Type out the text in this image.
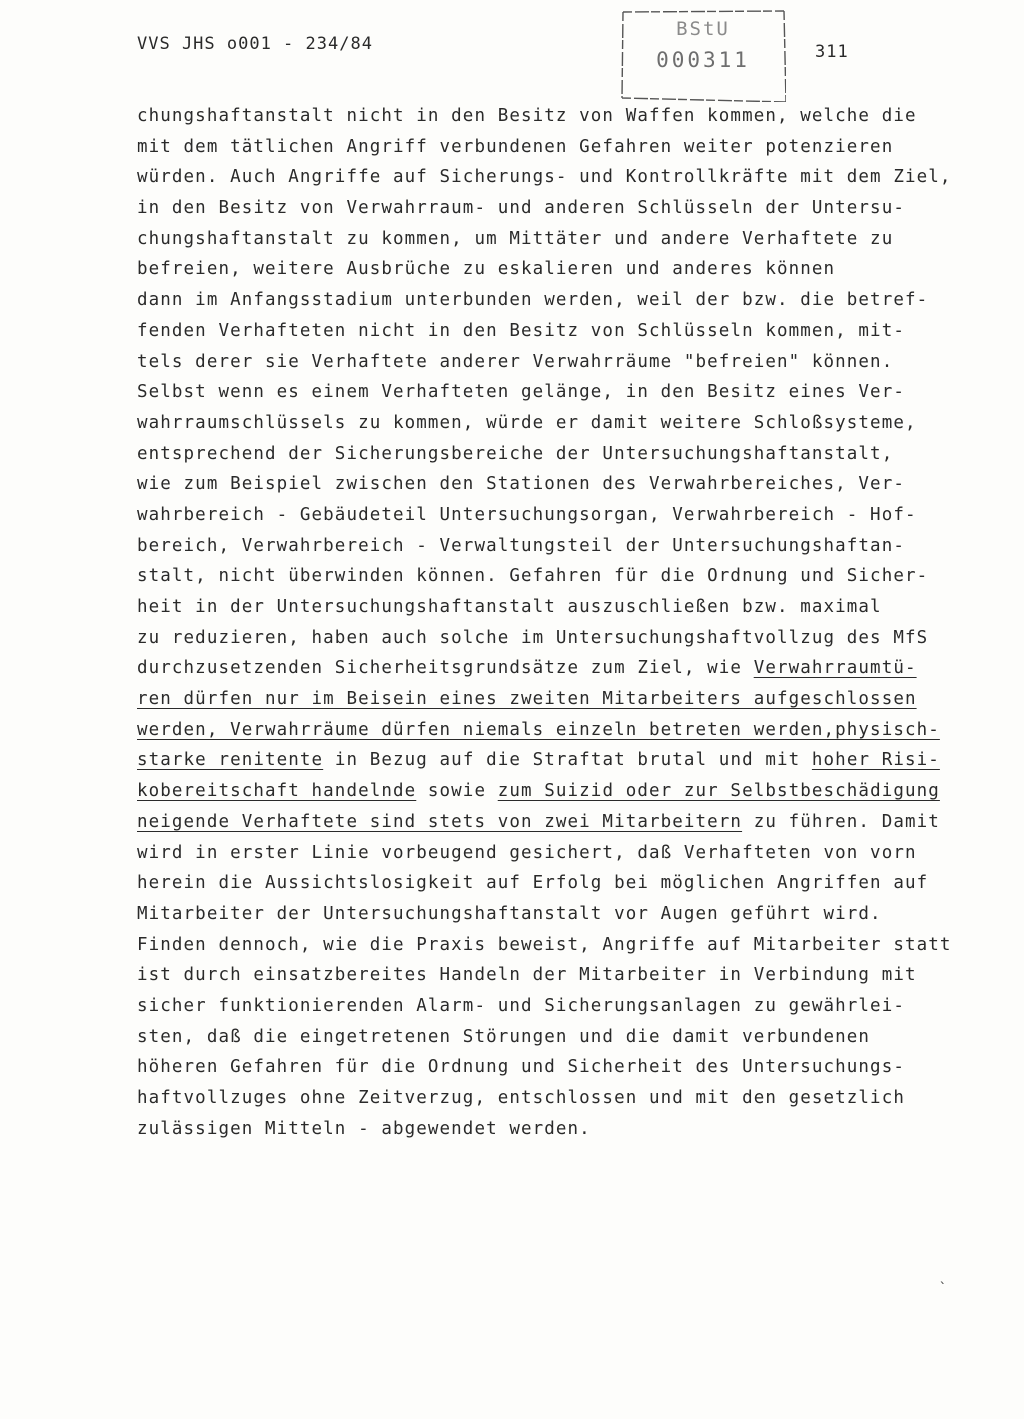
VVS JHS o001 - 234/84
BStU
000311	311
chungshaftanstalt nicht in den Besitz von Waffen kommen, welche die
mit dem tätlichen Angriff verbundenen Gefahren weiter potenzieren
würden. Auch Angriffe auf Sicherungs- und Kontrollkräfte mit dem Ziel,
in den Besitz von Verwahrraum- und anderen Schlüsseln der Untersu-
chungshaftanstalt zu kommen, um Mittäter und andere Verhaftete zu
befreien, weitere Ausbrüche zu eskalieren und anderes können
dann im Anfangsstadium unterbunden werden, weil der bzw. die betref-
fenden Verhafteten nicht in den Besitz von Schlüsseln kommen, mit-
tels derer sie Verhaftete anderer Verwahrräume "befreien" können.
Selbst wenn es einem Verhafteten gelänge, in den Besitz eines Ver-
wahrraumschlüssels zu kommen, würde er damit weitere Schloßsysteme,
entsprechend der Sicherungsbereiche der Untersuchungshaftanstalt,
wie zum Beispiel zwischen den Stationen des Verwahrbereiches, Ver-
wahrbereich - Gebäudeteil Untersuchungsorgan, Verwahrbereich - Hof-
bereich, Verwahrbereich - Verwaltungsteil der Untersuchungshaftan-
stalt, nicht überwinden können. Gefahren für die Ordnung und Sicher-
heit in der Untersuchungshaftanstalt auszuschließen bzw. maximal
zu reduzieren, haben auch solche im Untersuchungshaftvollzug des MfS
durchzusetzenden Sicherheitsgrundsätze zum Ziel, wie Verwahrraumtü-
ren dürfen nur im Beisein eines zweiten Mitarbeiters aufgeschlossen
werden, Verwahrräume dürfen niemals einzeln betreten werden,physisch-
starke renitente in Bezug auf die Straftat brutal und mit hoher Risi-
kobereitschaft handelnde sowie zum Suizid oder zur Selbstbeschädigung
neigende Verhaftete sind stets von zwei Mitarbeitern zu führen. Damit
wird in erster Linie vorbeugend gesichert, daß Verhafteten von vorn
herein die Aussichtslosigkeit auf Erfolg bei möglichen Angriffen auf
Mitarbeiter der Untersuchungshaftanstalt vor Augen geführt wird.
Finden dennoch, wie die Praxis beweist, Angriffe auf Mitarbeiter statt
ist durch einsatzbereites Handeln der Mitarbeiter in Verbindung mit
sicher funktionierenden Alarm- und Sicherungsanlagen zu gewährlei-
sten, daß die eingetretenen Störungen und die damit verbundenen
höheren Gefahren für die Ordnung und Sicherheit des Untersuchungs-
haftvollzuges ohne Zeitverzug, entschlossen und mit den gesetzlich
zulässigen Mitteln - abgewendet werden.
ˎ
